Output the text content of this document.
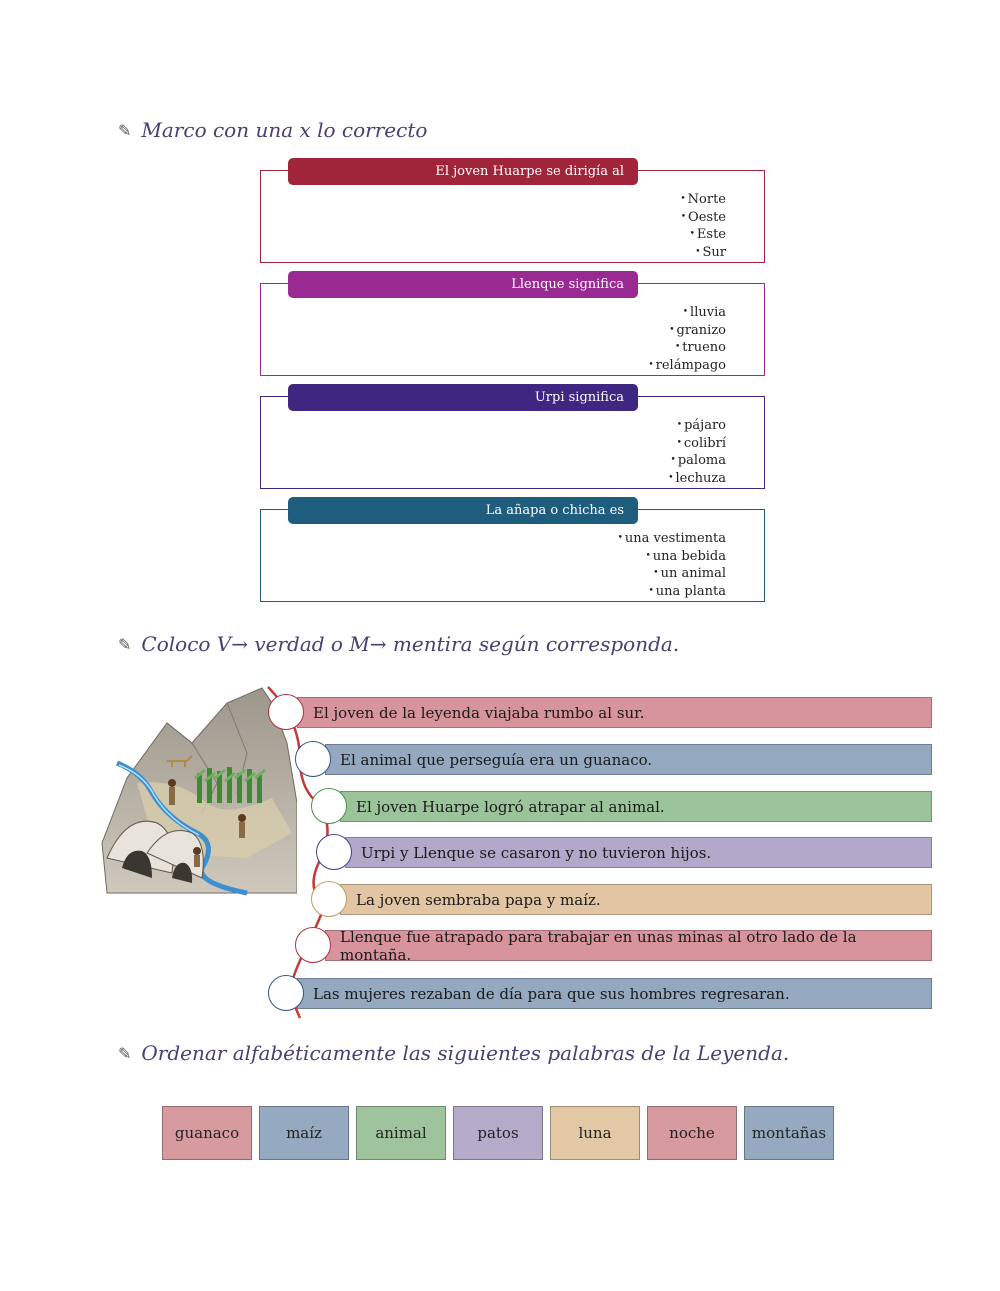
✎ Marco con una x lo correcto
El joven Huarpe se dirigía al
• Norte
• Oeste
• Este
• Sur
Llenque significa
• lluvia
• granizo
• trueno
• relámpago
Urpi significa
• pájaro
• colibrí
• paloma
• lechuza
La añapa o chicha es
• una vestimenta
• una bebida
• un animal
• una planta
✎ Coloco V→ verdad o M→ mentira según corresponda.
El joven de la leyenda viajaba rumbo al sur.
El animal que perseguía era un guanaco.
El joven Huarpe logró atrapar al animal.
Urpi y Llenque se casaron y no tuvieron hijos.
La joven sembraba papa y maíz.
Llenque fue atrapado para trabajar en unas minas al otro lado de la montaña.
Las mujeres rezaban de día para que sus hombres regresaran.
✎ Ordenar alfabéticamente las siguientes palabras de la Leyenda.
guanaco	maíz	animal	patos	luna	noche	montañas
